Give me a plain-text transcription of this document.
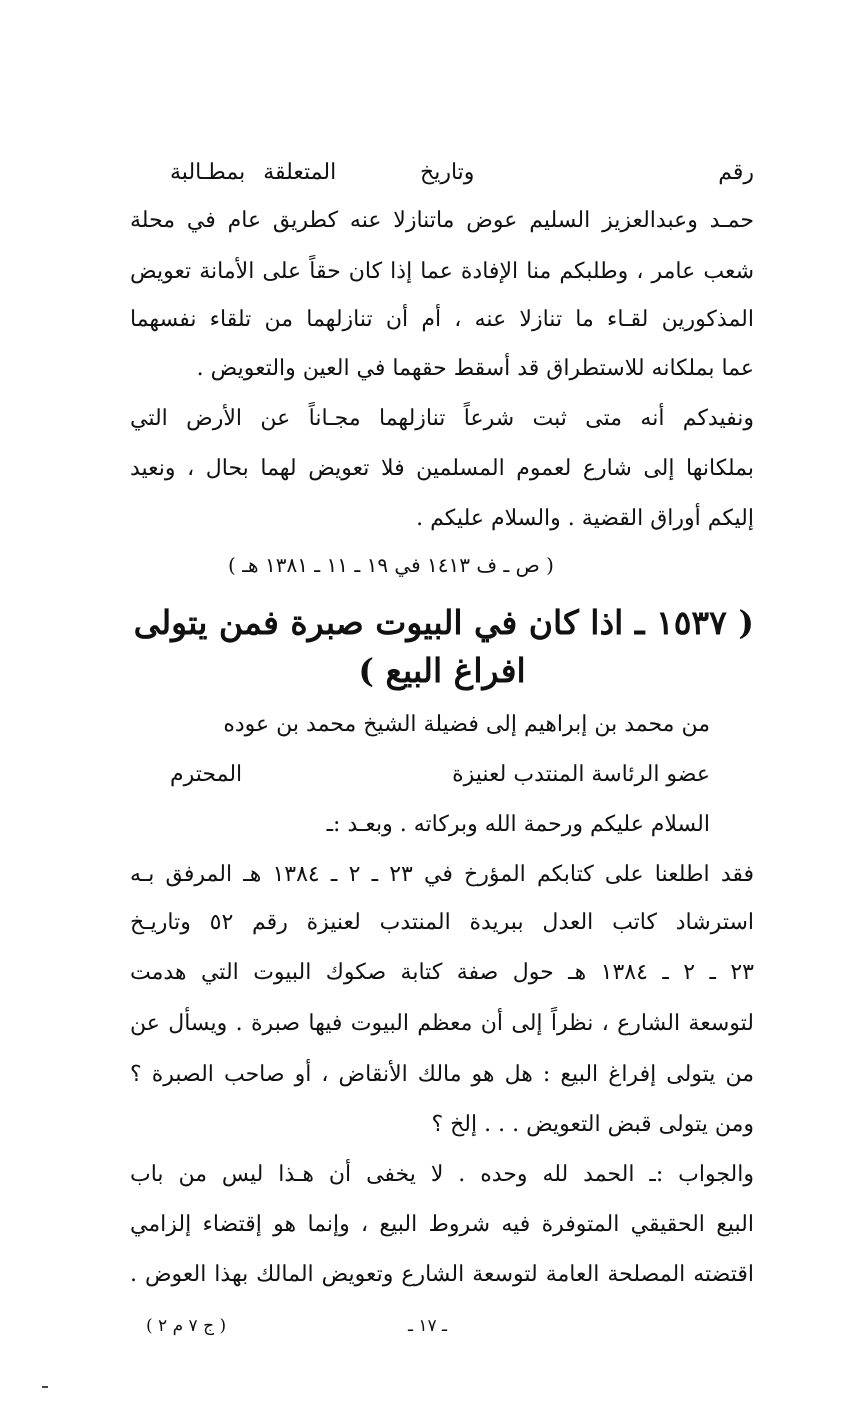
رقم
وتاريخ
المتعلقة
بمطـالبة
حمـد وعبدالعزيز السليم عوض ماتنازلا عنه كطريق عام في محلة
شعب عامر ، وطلبكم منا الإفادة عما إذا كان حقاً على الأمانة تعويض
المذكورين لقـاء ما تنازلا عنه ، أم أن تنازلهما من تلقاء نفسهما
عما بملكانه للاستطراق قد أسقط حقهما في العين والتعويض .
ونفيدكم أنه متى ثبت شرعاً تنازلهما مجـاناً عن الأرض التي
بملكانها إلى شارع لعموم المسلمين فلا تعويض لهما بحال ، ونعيد
إليكم أوراق القضية . والسلام عليكم .
( ص ـ ف ١٤١٣ في ١٩ ـ ١١ ـ ١٣٨١ هـ )
( ١٥٣٧ ـ اذا كان في البيوت صبرة فمن يتولى
افراغ البيع )
من محمد بن إبراهيم إلى فضيلة الشيخ محمد بن عوده
عضو الرئاسة المنتدب لعنيزة
المحترم
السلام عليكم ورحمة الله وبركاته . وبعـد :ـ
فقد اطلعنا على كتابكم المؤرخ في ٢٣ ـ ٢ ـ ١٣٨٤ هـ المرفق بـه
استرشاد كاتب العدل ببريدة المنتدب لعنيزة رقم ٥٢ وتاريـخ
٢٣ ـ ٢ ـ ١٣٨٤ هـ حول صفة كتابة صكوك البيوت التي هدمت
لتوسعة الشارع ، نظراً إلى أن معظم البيوت فيها صبرة . ويسأل عن
من يتولى إفراغ البيع : هل هو مالك الأنقاض ، أو صاحب الصبرة ؟
ومن يتولى قبض التعويض . . . إلخ ؟
والجواب :ـ الحمد لله وحده . لا يخفى أن هـذا ليس من باب
البيع الحقيقي المتوفرة فيه شروط البيع ، وإنما هو إقتضاء إلزامي
اقتضته المصلحة العامة لتوسعة الشارع وتعويض المالك بهذا العوض .
( ج ٧ م ٢ )	ـ ١٧ ـ
